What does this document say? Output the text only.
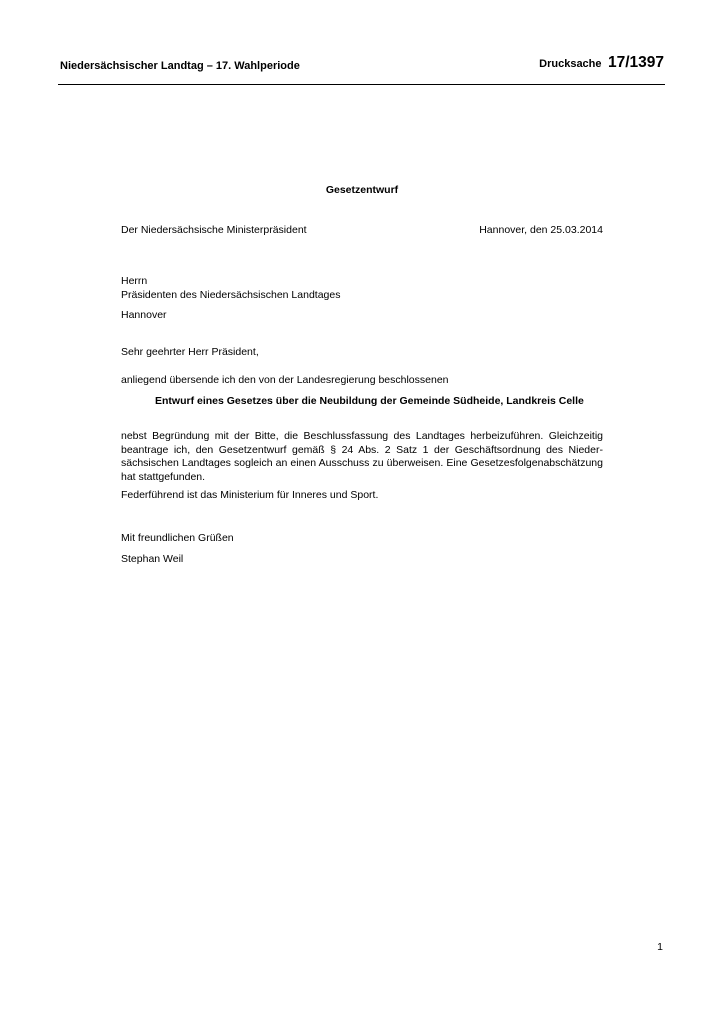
Niedersächsischer Landtag – 17. Wahlperiode	Drucksache 17/1397
Gesetzentwurf
Der Niedersächsische Ministerpräsident	Hannover, den 25.03.2014
Herrn
Präsidenten des Niedersächsischen Landtages
Hannover
Sehr geehrter Herr Präsident,
anliegend übersende ich den von der Landesregierung beschlossenen
Entwurf eines Gesetzes über die Neubildung der Gemeinde Südheide, Landkreis Celle
nebst Begründung mit der Bitte, die Beschlussfassung des Landtages herbeizuführen. Gleichzeitig beantrage ich, den Gesetzentwurf gemäß § 24 Abs. 2 Satz 1 der Geschäftsordnung des Niedersächsischen Landtages sogleich an einen Ausschuss zu überweisen. Eine Gesetzesfolgenabschätzung hat stattgefunden.
Federführend ist das Ministerium für Inneres und Sport.
Mit freundlichen Grüßen
Stephan Weil
1
